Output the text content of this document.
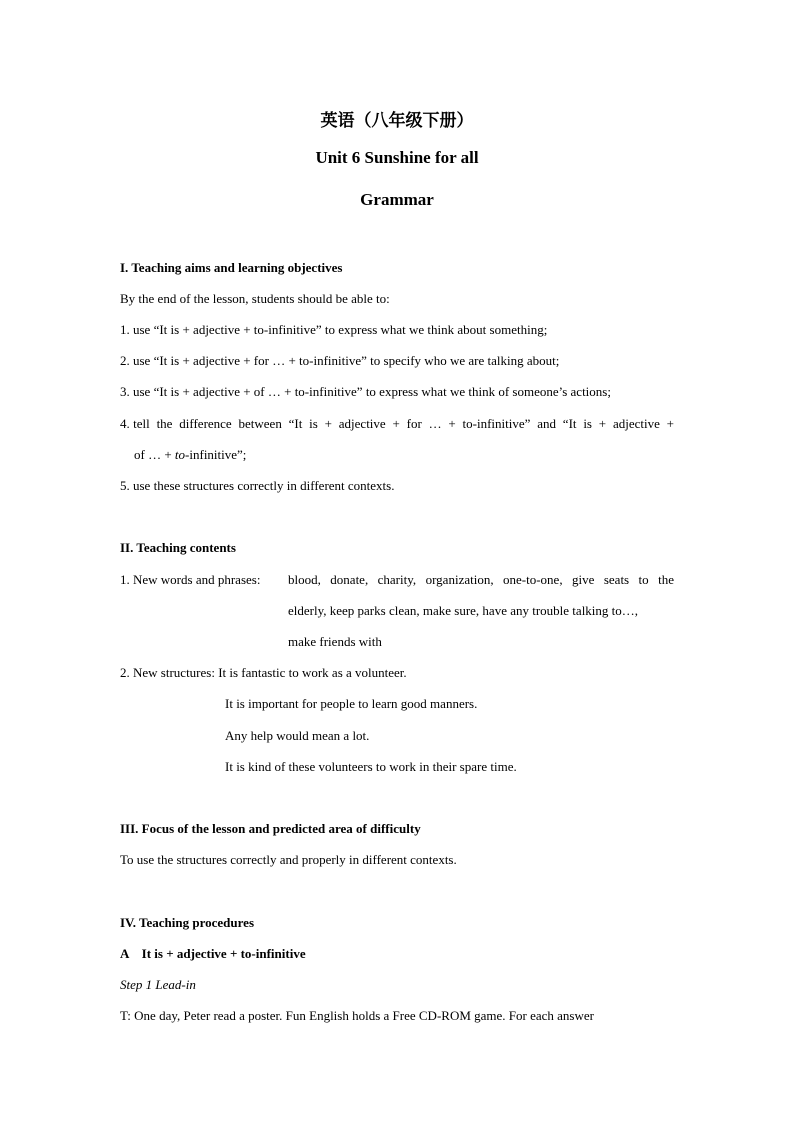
英语（八年级下册）
Unit 6 Sunshine for all
Grammar
I. Teaching aims and learning objectives
By the end of the lesson, students should be able to:
1. use “It is + adjective + to-infinitive” to express what we think about something;
2. use “It is + adjective + for … + to-infinitive” to specify who we are talking about;
3. use “It is + adjective + of … + to-infinitive” to express what we think of someone’s actions;
4. tell  the  difference  between  “It  is  +  adjective  +  for  …  +  to-infinitive”  and  “It  is  +  adjective  +
of … + to-infinitive”;
5. use these structures correctly in different contexts.
II. Teaching contents
1. New words and phrases: blood, donate, charity, organization, one-to-one, give seats to the
elderly, keep parks clean, make sure, have any trouble talking to…,
make friends with
2. New structures: It is fantastic to work as a volunteer.
It is important for people to learn good manners.
Any help would mean a lot.
It is kind of these volunteers to work in their spare time.
III. Focus of the lesson and predicted area of difficulty
To use the structures correctly and properly in different contexts.
IV. Teaching procedures
A    It is + adjective + to-infinitive
Step 1 Lead-in
T: One day, Peter read a poster. Fun English holds a Free CD-ROM game. For each answer
